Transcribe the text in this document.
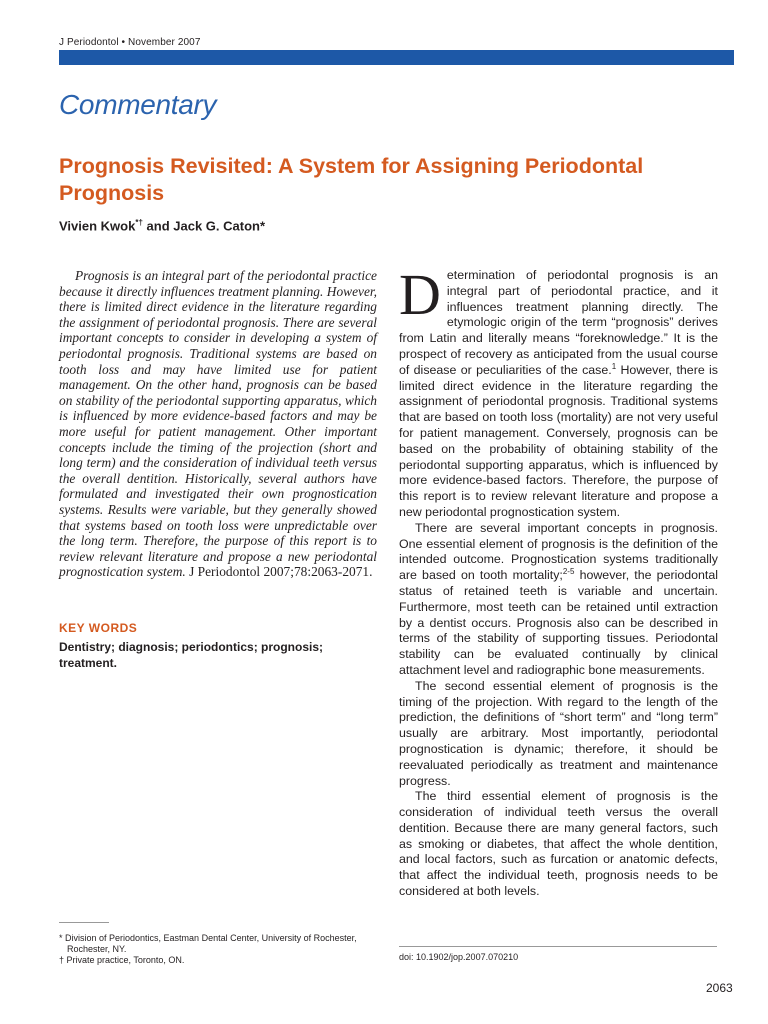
J Periodontol • November 2007
Commentary
Prognosis Revisited: A System for Assigning Periodontal Prognosis
Vivien Kwok*† and Jack G. Caton*

Prognosis is an integral part of the periodontal practice because it directly influences treatment planning. However, there is limited direct evidence in the literature regarding the assignment of periodontal prognosis. There are several important concepts to consider in developing a system of periodontal prognosis. Traditional systems are based on tooth loss and may have limited use for patient management. On the other hand, prognosis can be based on stability of the periodontal supporting apparatus, which is influenced by more evidence-based factors and may be more useful for patient management. Other important concepts include the timing of the projection (short and long term) and the consideration of individual teeth versus the overall dentition. Historically, several authors have formulated and investigated their own prognostication systems. Results were variable, but they generally showed that systems based on tooth loss were unpredictable over the long term. Therefore, the purpose of this report is to review relevant literature and propose a new periodontal prognostication system. J Periodontol 2007;78:2063-2071.

KEY WORDS
Dentistry; diagnosis; periodontics; prognosis; treatment.

Determination of periodontal prognosis is an integral part of periodontal practice, and it influences treatment planning directly. The etymologic origin of the term “prognosis” derives from Latin and literally means “foreknowledge.” It is the prospect of recovery as anticipated from the usual course of disease or peculiarities of the case.$^1$ However, there is limited direct evidence in the literature regarding the assignment of periodontal prognosis. Traditional systems that are based on tooth loss (mortality) are not very useful for patient management. Conversely, prognosis can be based on the probability of obtaining stability of the periodontal supporting apparatus, which is influenced by more evidence-based factors. Therefore, the purpose of this report is to review relevant literature and propose a new periodontal prognostication system.

There are several important concepts in prognosis. One essential element of prognosis is the definition of the intended outcome. Prognostication systems traditionally are based on tooth mortality;$^{2-5}$ however, the periodontal status of retained teeth is variable and uncertain. Furthermore, most teeth can be retained until extraction by a dentist occurs. Prognosis also can be described in terms of the stability of supporting tissues. Periodontal stability can be evaluated continually by clinical attachment level and radiographic bone measurements.

The second essential element of prognosis is the timing of the projection. With regard to the length of the prediction, the definitions of “short term” and “long term” usually are arbitrary. Most importantly, periodontal prognostication is dynamic; therefore, it should be reevaluated periodically as treatment and maintenance progress.

The third essential element of prognosis is the consideration of individual teeth versus the overall dentition. Because there are many general factors, such as smoking or diabetes, that affect the whole dentition, and local factors, such as furcation or anatomic defects, that affect the individual teeth, prognosis needs to be considered at both levels.

* Division of Periodontics, Eastman Dental Center, University of Rochester, Rochester, NY.
† Private practice, Toronto, ON.	doi: 10.1902/jop.2007.070210
2063
